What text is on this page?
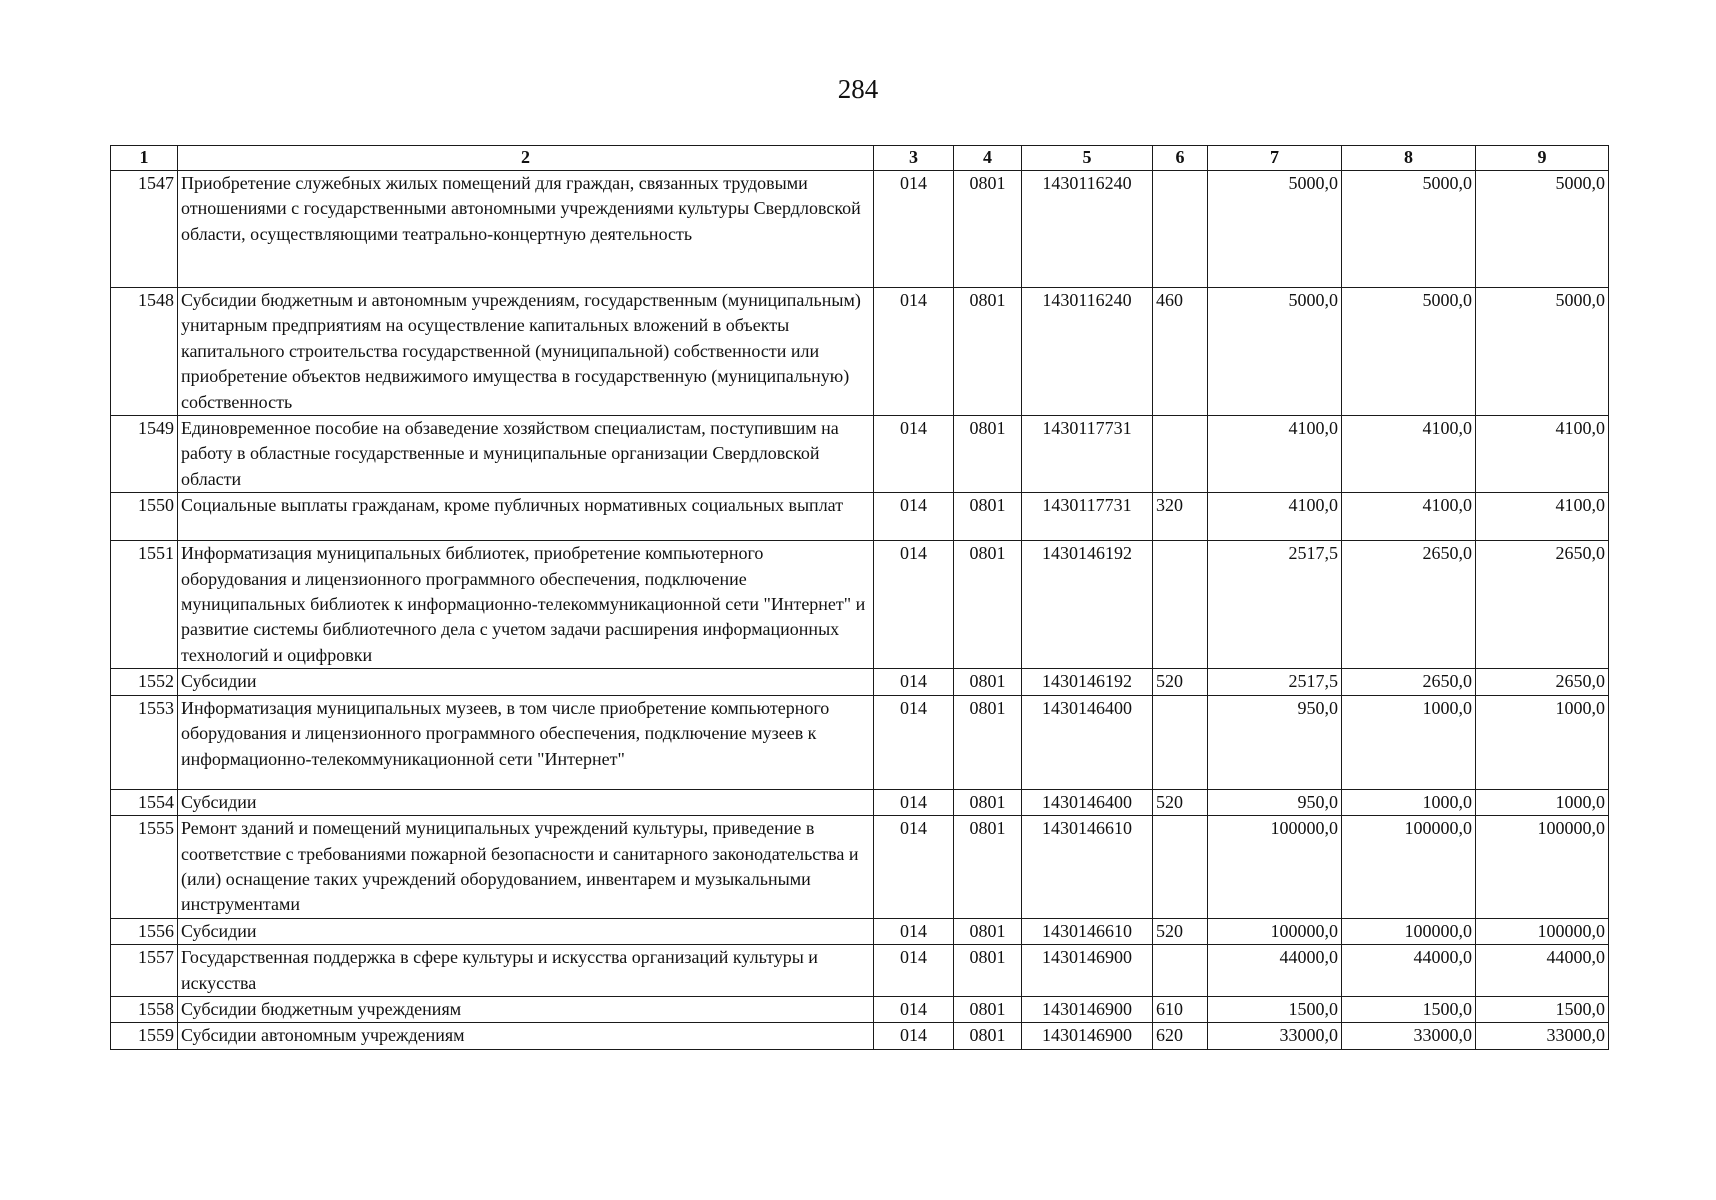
284
1	2	3	4	5	6	7	8	9
1547	Приобретение служебных жилых помещений для граждан, связанных трудовыми отношениями с государственными автономными учреждениями культуры Свердловской области, осуществляющими театрально-концертную деятельность	014	0801	1430116240		5000,0	5000,0	5000,0
1548	Субсидии бюджетным и автономным учреждениям, государственным (муниципальным) унитарным предприятиям на осуществление капитальных вложений в объекты капитального строительства государственной (муниципальной) собственности или приобретение объектов недвижимого имущества в государственную (муниципальную) собственность	014	0801	1430116240	460	5000,0	5000,0	5000,0
1549	Единовременное пособие на обзаведение хозяйством специалистам, поступившим на работу в областные государственные и муниципальные организации Свердловской области	014	0801	1430117731		4100,0	4100,0	4100,0
1550	Социальные выплаты гражданам, кроме публичных нормативных социальных выплат	014	0801	1430117731	320	4100,0	4100,0	4100,0
1551	Информатизация муниципальных библиотек, приобретение компьютерного оборудования и лицензионного программного обеспечения, подключение муниципальных библиотек к информационно-телекоммуникационной сети "Интернет" и развитие системы библиотечного дела с учетом задачи расширения информационных технологий и оцифровки	014	0801	1430146192		2517,5	2650,0	2650,0
1552	Субсидии	014	0801	1430146192	520	2517,5	2650,0	2650,0
1553	Информатизация муниципальных музеев, в том числе приобретение компьютерного оборудования и лицензионного программного обеспечения, подключение музеев к информационно-телекоммуникационной сети "Интернет"	014	0801	1430146400		950,0	1000,0	1000,0
1554	Субсидии	014	0801	1430146400	520	950,0	1000,0	1000,0
1555	Ремонт зданий и помещений муниципальных учреждений культуры, приведение в соответствие с требованиями пожарной безопасности и санитарного законодательства и (или) оснащение таких учреждений оборудованием, инвентарем и музыкальными инструментами	014	0801	1430146610		100000,0	100000,0	100000,0
1556	Субсидии	014	0801	1430146610	520	100000,0	100000,0	100000,0
1557	Государственная поддержка в сфере культуры и искусства организаций культуры и искусства	014	0801	1430146900		44000,0	44000,0	44000,0
1558	Субсидии бюджетным учреждениям	014	0801	1430146900	610	1500,0	1500,0	1500,0
1559	Субсидии автономным учреждениям	014	0801	1430146900	620	33000,0	33000,0	33000,0
